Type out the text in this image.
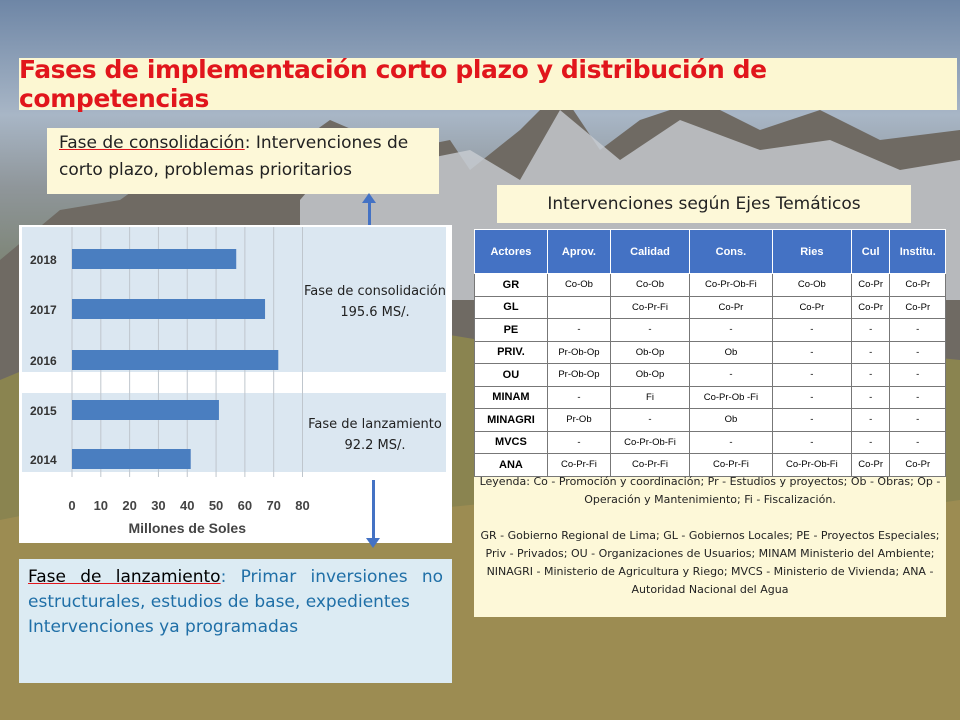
Fases de implementación corto plazo y distribución de competencias
Fase de consolidación: Intervenciones de corto plazo, problemas prioritarios
Intervenciones según Ejes Temáticos
0 10 20 30 40 50 60 70 80
2018
2017
2016
2015
2014
Fase de consolidación
195.6 MS/.
Fase de lanzamiento
92.2 MS/.
Millones de Soles
Fase de lanzamiento: Primar inversiones no estructurales, estudios de base, expedientes
Intervenciones ya programadas
Actores	Aprov.	Calidad	Cons.	Ries	Cul	Institu.
GR	Co-Ob	Co-Ob	Co-Pr-Ob-Fi	Co-Ob	Co-Pr	Co-Pr
GL		Co-Pr-Fi	Co-Pr	Co-Pr	Co-Pr	Co-Pr
PE	-	-	-	-	-	-
PRIV.	Pr-Ob-Op	Ob-Op	Ob	-	-	-
OU	Pr-Ob-Op	Ob-Op	-	-	-	-
MINAM	-	Fi	Co-Pr-Ob -Fi	-	-	-
MINAGRI	Pr-Ob	-	Ob	-	-	-
MVCS	-	Co-Pr-Ob-Fi	-	-	-	-
ANA	Co-Pr-Fi	Co-Pr-Fi	Co-Pr-Fi	Co-Pr-Ob-Fi	Co-Pr	Co-Pr
Leyenda: Co - Promoción y coordinación; Pr - Estudios y proyectos; Ob - Obras; Op - Operación y Mantenimiento; Fi - Fiscalización.
GR - Gobierno Regional de Lima; GL - Gobiernos Locales; PE - Proyectos Especiales; Priv - Privados; OU - Organizaciones de Usuarios; MINAM Ministerio del Ambiente; NINAGRI - Ministerio de Agricultura y Riego; MVCS - Ministerio de Vivienda; ANA - Autoridad Nacional del Agua
